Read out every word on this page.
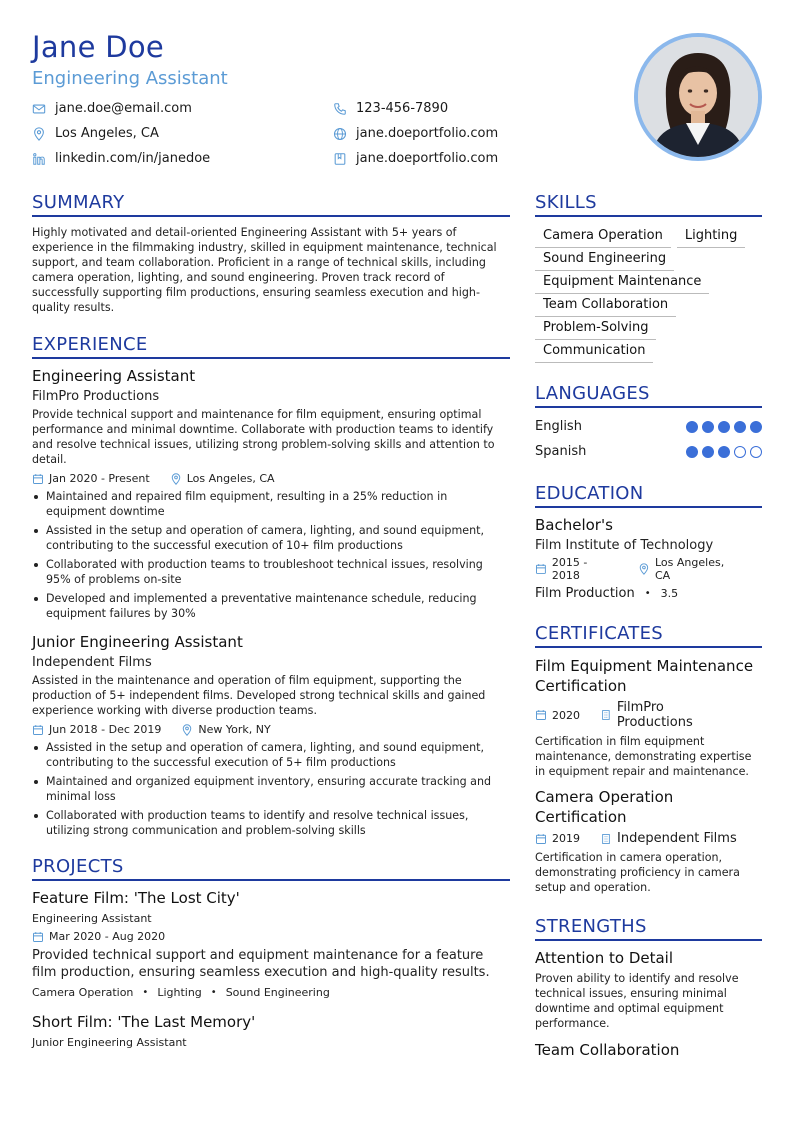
Jane Doe
Engineering Assistant
jane.doe@email.com	123-456-7890
Los Angeles, CA	jane.doeportfolio.com
linkedin.com/in/janedoe	jane.doeportfolio.com
SUMMARY
Highly motivated and detail-oriented Engineering Assistant with 5+ years of experience in the filmmaking industry, skilled in equipment maintenance, technical support, and team collaboration. Proficient in a range of technical skills, including camera operation, lighting, and sound engineering. Proven track record of successfully supporting film productions, ensuring seamless execution and high-quality results.
EXPERIENCE
Engineering Assistant
FilmPro Productions
Provide technical support and maintenance for film equipment, ensuring optimal performance and minimal downtime. Collaborate with production teams to identify and resolve technical issues, utilizing strong problem-solving skills and attention to detail.
Jan 2020 - Present	Los Angeles, CA
Maintained and repaired film equipment, resulting in a 25% reduction in equipment downtime
Assisted in the setup and operation of camera, lighting, and sound equipment, contributing to the successful execution of 10+ film productions
Collaborated with production teams to troubleshoot technical issues, resolving 95% of problems on-site
Developed and implemented a preventative maintenance schedule, reducing equipment failures by 30%
Junior Engineering Assistant
Independent Films
Assisted in the maintenance and operation of film equipment, supporting the production of 5+ independent films. Developed strong technical skills and gained experience working with diverse production teams.
Jun 2018 - Dec 2019	New York, NY
Assisted in the setup and operation of camera, lighting, and sound equipment, contributing to the successful execution of 5+ film productions
Maintained and organized equipment inventory, ensuring accurate tracking and minimal loss
Collaborated with production teams to identify and resolve technical issues, utilizing strong communication and problem-solving skills
PROJECTS
Feature Film: 'The Lost City'
Engineering Assistant
Mar 2020 - Aug 2020
Provided technical support and equipment maintenance for a feature film production, ensuring seamless execution and high-quality results.
Camera Operation • Lighting • Sound Engineering
Short Film: 'The Last Memory'
Junior Engineering Assistant
SKILLS
Camera Operation	Lighting
Sound Engineering
Equipment Maintenance
Team Collaboration
Problem-Solving
Communication
LANGUAGES
English
Spanish
EDUCATION
Bachelor's
Film Institute of Technology
2015 - 2018
Los Angeles, CA
Film Production • 3.5
CERTIFICATES
Film Equipment Maintenance Certification
2020	FilmPro Productions
Certification in film equipment maintenance, demonstrating expertise in equipment repair and maintenance.
Camera Operation Certification
2019	Independent Films
Certification in camera operation, demonstrating proficiency in camera setup and operation.
STRENGTHS
Attention to Detail
Proven ability to identify and resolve technical issues, ensuring minimal downtime and optimal equipment performance.
Team Collaboration
